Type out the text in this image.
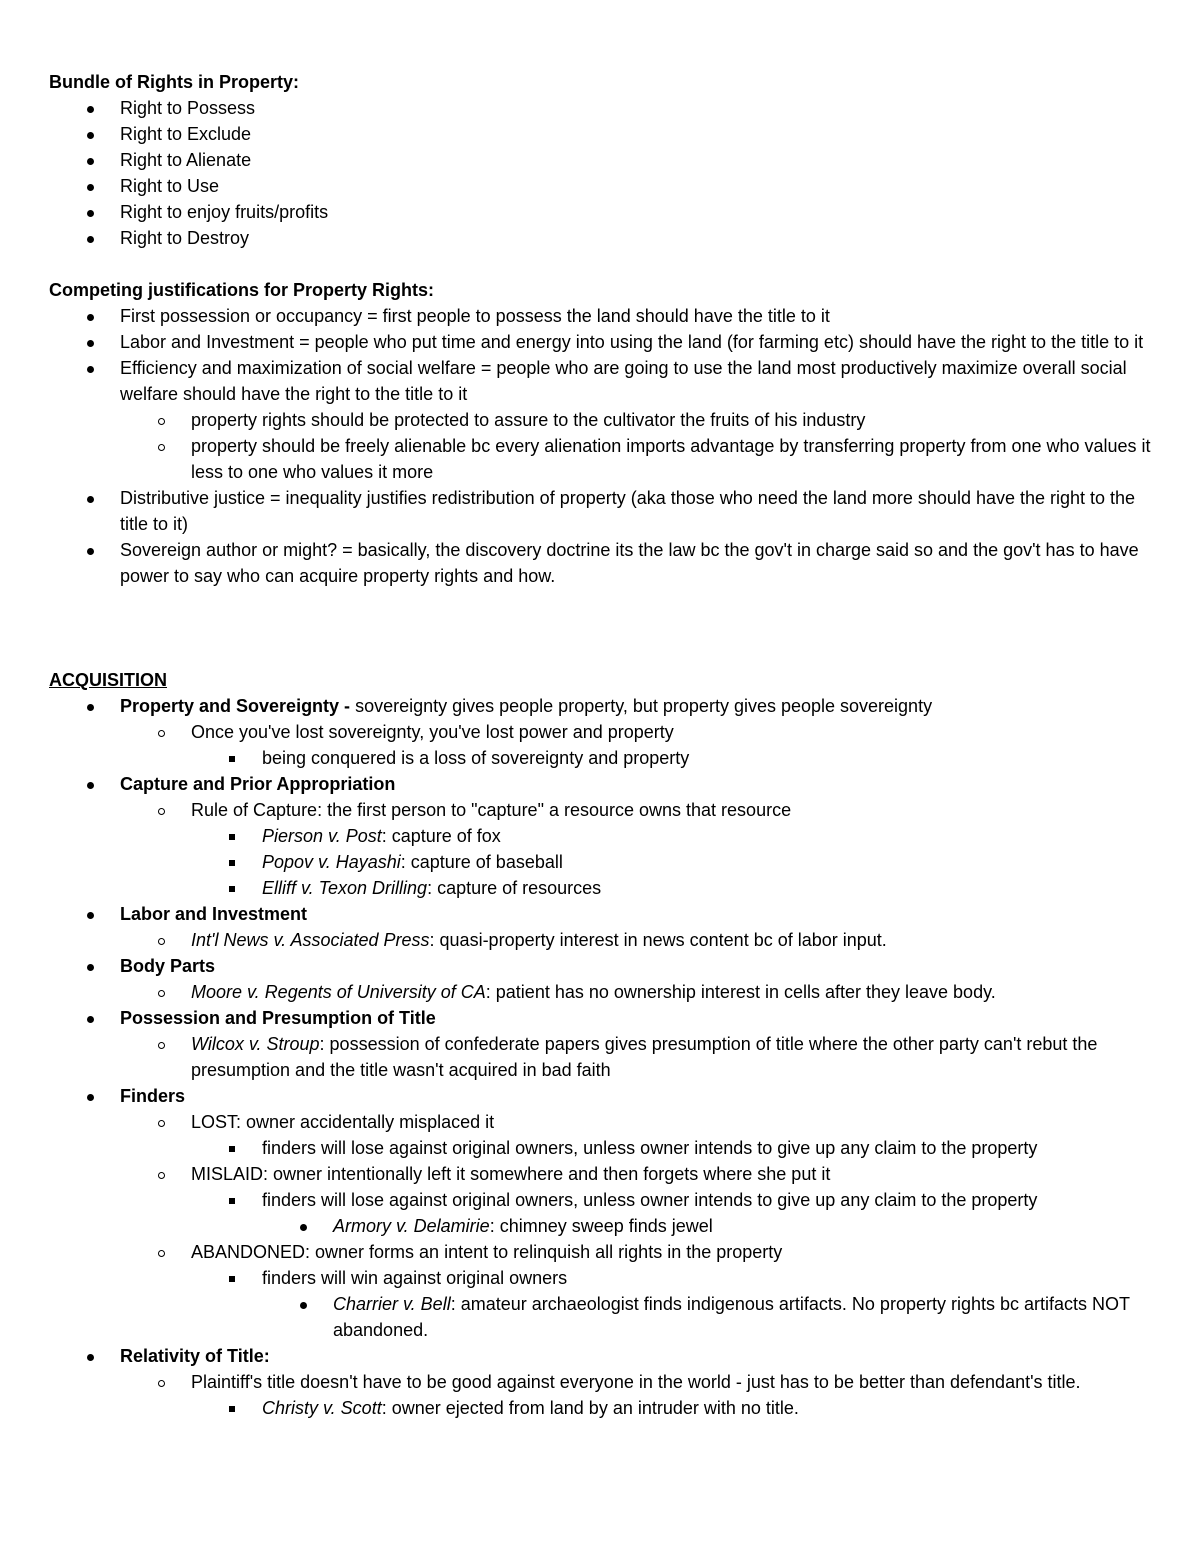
Bundle of Rights in Property:
Right to Possess
Right to Exclude
Right to Alienate
Right to Use
Right to enjoy fruits/profits
Right to Destroy
Competing justifications for Property Rights:
First possession or occupancy = first people to possess the land should have the title to it
Labor and Investment = people who put time and energy into using the land (for farming etc) should have the right to the title to it
Efficiency and maximization of social welfare = people who are going to use the land most productively maximize overall social welfare should have the right to the title to it
property rights should be protected to assure to the cultivator the fruits of his industry
property should be freely alienable bc every alienation imports advantage by transferring property from one who values it less to one who values it more
Distributive justice = inequality justifies redistribution of property (aka those who need the land more should have the right to the title to it)
Sovereign author or might? = basically, the discovery doctrine its the law bc the gov't in charge said so and the gov't has to have power to say who can acquire property rights and how.
ACQUISITION
Property and Sovereignty - sovereignty gives people property, but property gives people sovereignty
Once you've lost sovereignty, you've lost power and property
being conquered is a loss of sovereignty and property
Capture and Prior Appropriation
Rule of Capture: the first person to "capture" a resource owns that resource
Pierson v. Post: capture of fox
Popov v. Hayashi: capture of baseball
Elliff v. Texon Drilling: capture of resources
Labor and Investment
Int'l News v. Associated Press: quasi-property interest in news content bc of labor input.
Body Parts
Moore v. Regents of University of CA: patient has no ownership interest in cells after they leave body.
Possession and Presumption of Title
Wilcox v. Stroup: possession of confederate papers gives presumption of title where the other party can't rebut the presumption and the title wasn't acquired in bad faith
Finders
LOST: owner accidentally misplaced it
finders will lose against original owners, unless owner intends to give up any claim to the property
MISLAID: owner intentionally left it somewhere and then forgets where she put it
finders will lose against original owners, unless owner intends to give up any claim to the property
Armory v. Delamirie: chimney sweep finds jewel
ABANDONED: owner forms an intent to relinquish all rights in the property
finders will win against original owners
Charrier v. Bell: amateur archaeologist finds indigenous artifacts. No property rights bc artifacts NOT abandoned.
Relativity of Title:
Plaintiff's title doesn't have to be good against everyone in the world - just has to be better than defendant's title.
Christy v. Scott: owner ejected from land by an intruder with no title.
